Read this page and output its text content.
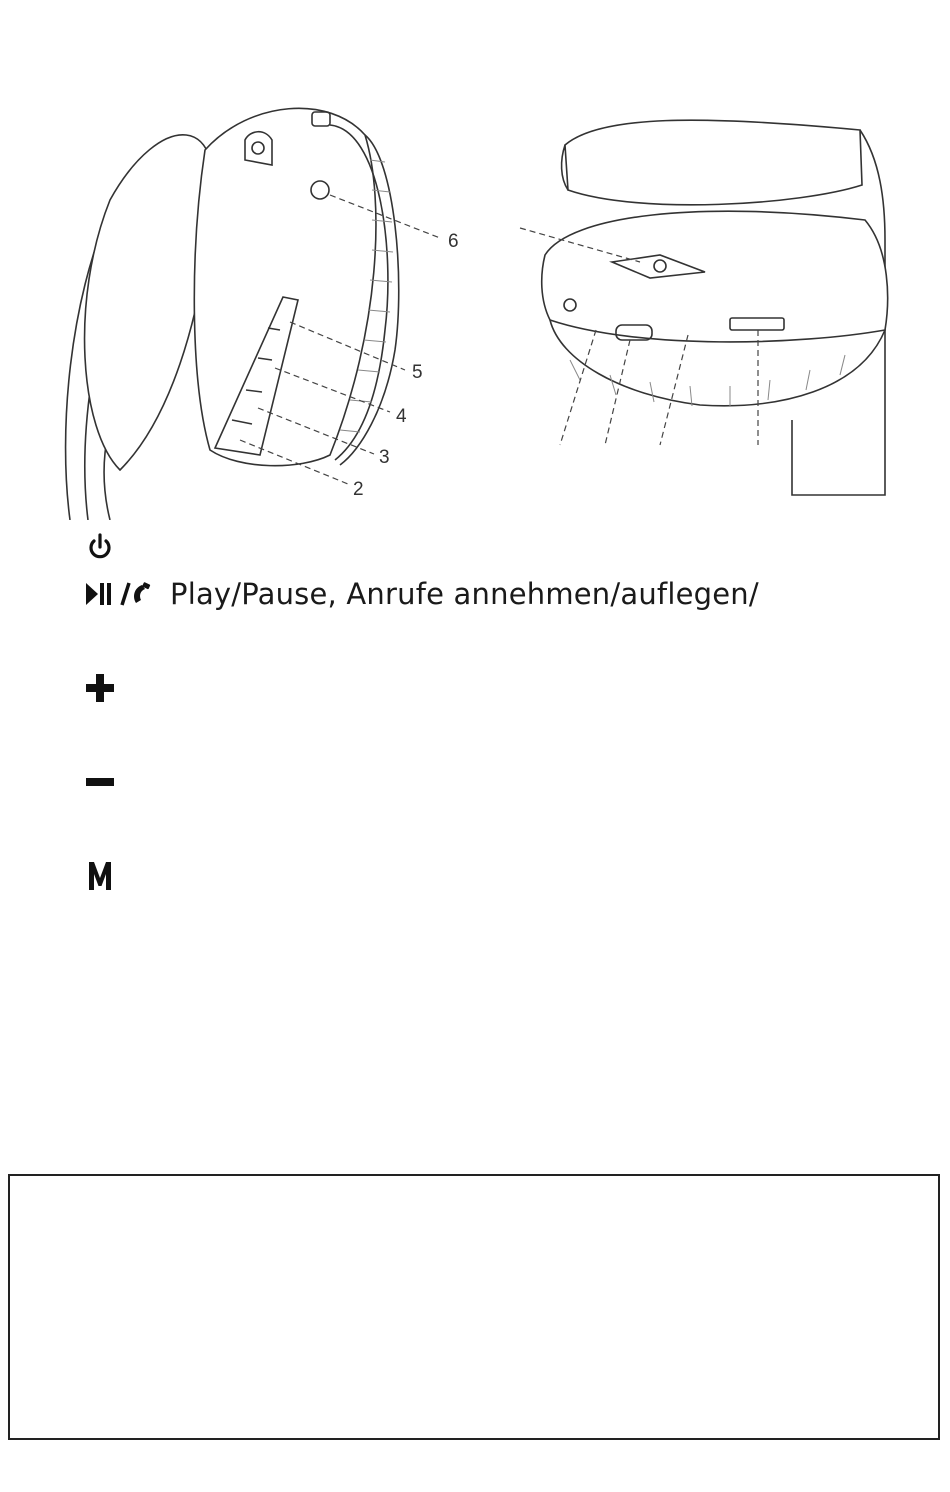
6
5
4
3
2
Play/Pause, Anrufe annehmen/auflegen/
